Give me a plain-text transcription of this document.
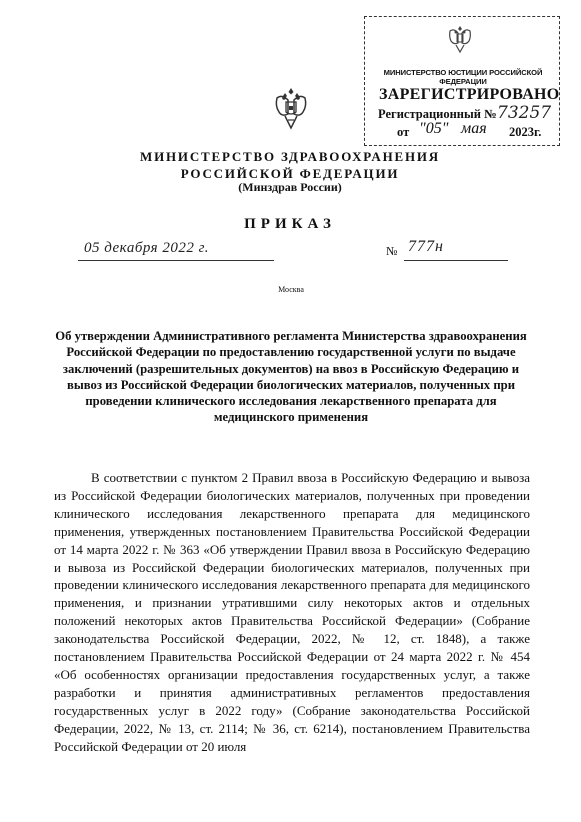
МИНИСТЕРСТВО ЮСТИЦИИ РОССИЙСКОЙ ФЕДЕРАЦИИ
ЗАРЕГИСТРИРОВАНО
Регистрационный № 73257
от "05" мая 2023г.
МИНИСТЕРСТВО ЗДРАВООХРАНЕНИЯ РОССИЙСКОЙ ФЕДЕРАЦИИ
(Минздрав России)
ПРИКАЗ
05 декабря 2022 г.	№ 777н
Москва
Об утверждении Административного регламента Министерства здравоохранения Российской Федерации по предоставлению государственной услуги по выдаче заключений (разрешительных документов) на ввоз в Российскую Федерацию и вывоз из Российской Федерации биологических материалов, полученных при проведении клинического исследования лекарственного препарата для медицинского применения
В соответствии с пунктом 2 Правил ввоза в Российскую Федерацию и вывоза из Российской Федерации биологических материалов, полученных при проведении клинического исследования лекарственного препарата для медицинского применения, утвержденных постановлением Правительства Российской Федерации от 14 марта 2022 г. № 363 «Об утверждении Правил ввоза в Российскую Федерацию и вывоза из Российской Федерации биологических материалов, полученных при проведении клинического исследования лекарственного препарата для медицинского применения, и признании утратившими силу некоторых актов и отдельных положений некоторых актов Правительства Российской Федерации» (Собрание законодательства Российской Федерации, 2022, № 12, ст. 1848), а также постановлением Правительства Российской Федерации от 24 марта 2022 г. № 454 «Об особенностях организации предоставления государственных услуг, а также разработки и принятия административных регламентов предоставления государственных услуг в 2022 году» (Собрание законодательства Российской Федерации, 2022, № 13, ст. 2114; № 36, ст. 6214), постановлением Правительства Российской Федерации от 20 июля
